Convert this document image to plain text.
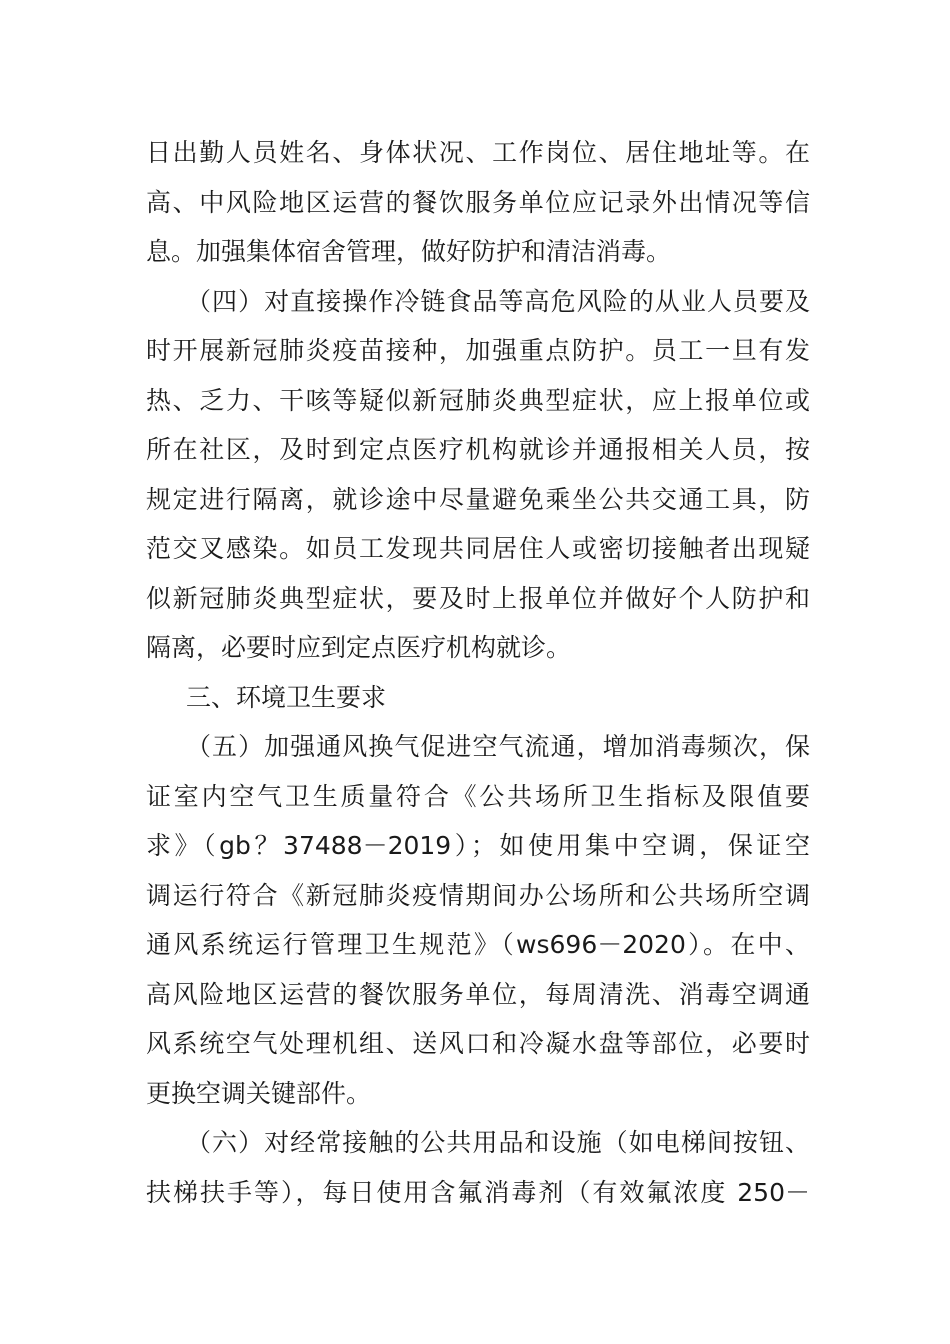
日出勤人员姓名、身体状况、工作岗位、居住地址等。在
高、中风险地区运营的餐饮服务单位应记录外出情况等信
息。加强集体宿舍管理，做好防护和清洁消毒。
（四）对直接操作冷链食品等高危风险的从业人员要及
时开展新冠肺炎疫苗接种，加强重点防护。员工一旦有发
热、乏力、干咳等疑似新冠肺炎典型症状，应上报单位或
所在社区，及时到定点医疗机构就诊并通报相关人员，按
规定进行隔离，就诊途中尽量避免乘坐公共交通工具，防
范交叉感染。如员工发现共同居住人或密切接触者出现疑
似新冠肺炎典型症状，要及时上报单位并做好个人防护和
隔离，必要时应到定点医疗机构就诊。
三、环境卫生要求
（五）加强通风换气促进空气流通，增加消毒频次，保
证室内空气卫生质量符合《公共场所卫生指标及限值要
求》（gb？37488－2019）；如使用集中空调，保证空
调运行符合《新冠肺炎疫情期间办公场所和公共场所空调
通风系统运行管理卫生规范》（ws696－2020）。在中、
高风险地区运营的餐饮服务单位，每周清洗、消毒空调通
风系统空气处理机组、送风口和冷凝水盘等部位，必要时
更换空调关键部件。
（六）对经常接触的公共用品和设施（如电梯间按钮、
扶梯扶手等），每日使用含氟消毒剂（有效氟浓度 250－
